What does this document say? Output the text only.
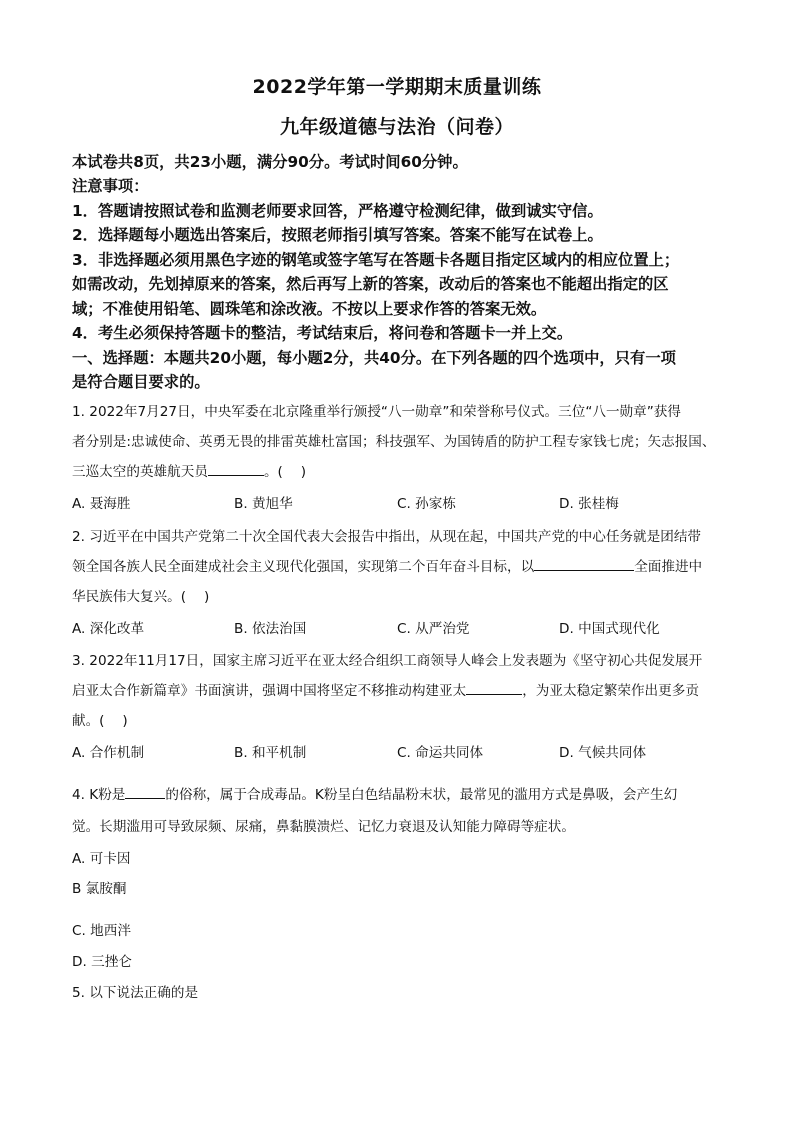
2022学年第一学期期末质量训练
九年级道德与法治（问卷）
本试卷共8页，共23小题，满分90分。考试时间60分钟。
注意事项：
1．答题请按照试卷和监测老师要求回答，严格遵守检测纪律，做到诚实守信。
2．选择题每小题选出答案后，按照老师指引填写答案。答案不能写在试卷上。
3．非选择题必须用黑色字迹的钢笔或签字笔写在答题卡各题目指定区域内的相应位置上；
如需改动，先划掉原来的答案，然后再写上新的答案，改动后的答案也不能超出指定的区
域；不准使用铅笔、圆珠笔和涂改液。不按以上要求作答的答案无效。
4．考生必须保持答题卡的整洁，考试结束后，将问卷和答题卡一并上交。
一、选择题：本题共20小题，每小题2分，共40分。在下列各题的四个选项中，只有一项
是符合题目要求的。
1. 2022年7月27日，中央军委在北京隆重举行颁授“八一勋章”和荣誉称号仪式。三位“八一勋章”获得
者分别是:忠诚使命、英勇无畏的排雷英雄杜富国；科技强军、为国铸盾的防护工程专家钱七虎；矢志报国、
三巡太空的英雄航天员	。(　 )
A. 聂海胜	B. 黄旭华	C. 孙家栋	D. 张桂梅
2. 习近平在中国共产党第二十次全国代表大会报告中指出，从现在起，中国共产党的中心任务就是团结带
领全国各族人民全面建成社会主义现代化强国，实现第二个百年奋斗目标，以	全面推进中
华民族伟大复兴。(　 )
A. 深化改革	B. 依法治国	C. 从严治党	D. 中国式现代化
3. 2022年11月17日，国家主席习近平在亚太经合组织工商领导人峰会上发表题为《坚守初心共促发展开
启亚太合作新篇章》书面演讲，强调中国将坚定不移推动构建亚太	，为亚太稳定繁荣作出更多贡
献。(　 )
A. 合作机制	B. 和平机制	C. 命运共同体	D. 气候共同体
4. K粉是	的俗称，属于合成毒品。K粉呈白色结晶粉末状，最常见的滥用方式是鼻吸，会产生幻
觉。长期滥用可导致尿频、尿痛，鼻黏膜溃烂、记忆力衰退及认知能力障碍等症状。
A. 可卡因
B 氯胺酮
C. 地西泮
D. 三挫仑
5. 以下说法正确的是
